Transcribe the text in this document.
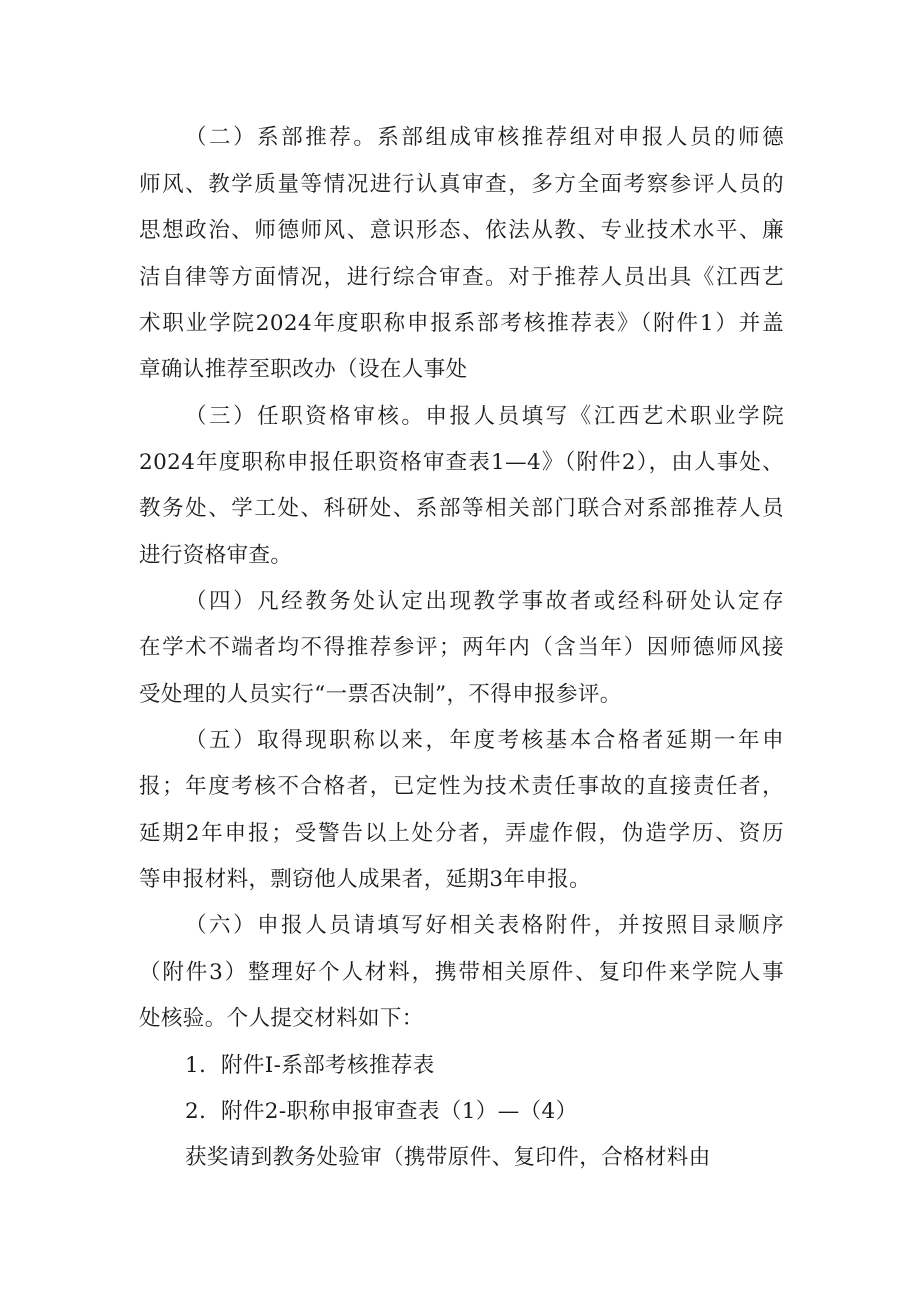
（二）系部推荐。系部组成审核推荐组对申报人员的师德
师风、教学质量等情况进行认真审查，多方全面考察参评人员的
思想政治、师德师风、意识形态、依法从教、专业技术水平、廉
洁自律等方面情况，进行综合审查。对于推荐人员出具《江西艺
术职业学院2024年度职称申报系部考核推荐表》（附件1）并盖
章确认推荐至职改办（设在人事处
（三）任职资格审核。申报人员填写《江西艺术职业学院
2024年度职称申报任职资格审查表1—4》（附件2），由人事处、
教务处、学工处、科研处、系部等相关部门联合对系部推荐人员
进行资格审查。
（四）凡经教务处认定出现教学事故者或经科研处认定存
在学术不端者均不得推荐参评；两年内（含当年）因师德师风接
受处理的人员实行“一票否决制”，不得申报参评。
（五）取得现职称以来，年度考核基本合格者延期一年申
报；年度考核不合格者，已定性为技术责任事故的直接责任者，
延期2年申报；受警告以上处分者，弄虚作假，伪造学历、资历
等申报材料，剽窃他人成果者，延期3年申报。
（六）申报人员请填写好相关表格附件，并按照目录顺序
（附件3）整理好个人材料，携带相关原件、复印件来学院人事
处核验。个人提交材料如下：
1．附件I-系部考核推荐表
2．附件2-职称申报审查表（1）—（4）
获奖请到教务处验审（携带原件、复印件，合格材料由
